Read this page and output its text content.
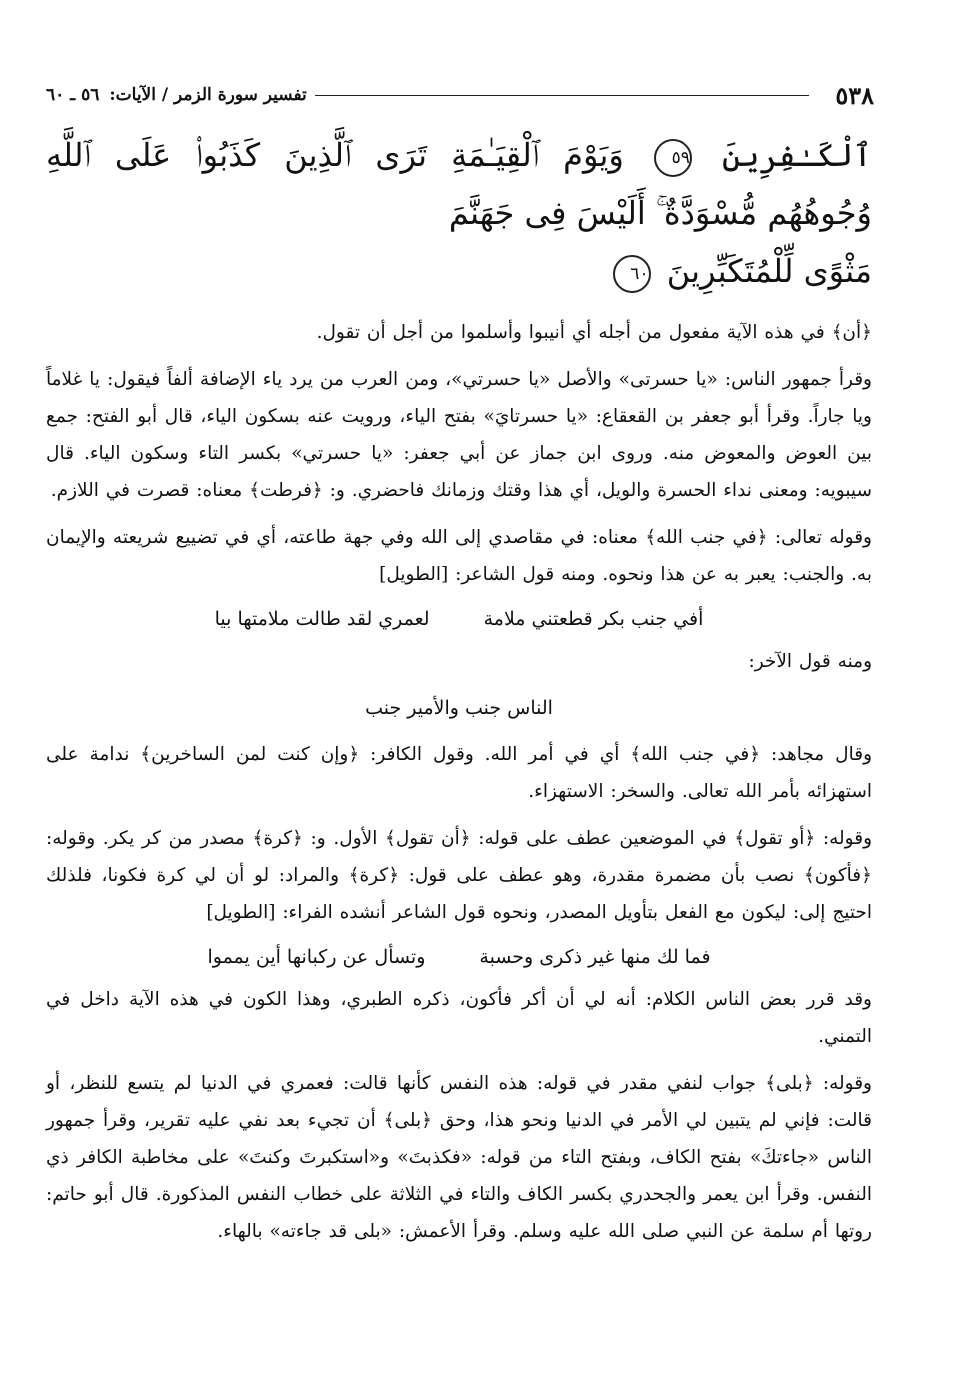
٥٣٨
تفسير سورة الزمر / الآيات:
٥٦ ـ ٦٠
ٱلْكَـٰفِرِينَ ٥٩ وَيَوْمَ ٱلْقِيَـٰمَةِ تَرَى ٱلَّذِينَ كَذَبُوا۟ عَلَى ٱللَّهِ وُجُوهُهُم مُّسْوَدَّةٌ ۚ أَلَيْسَ فِى جَهَنَّمَ
مَثْوًى لِّلْمُتَكَبِّرِينَ ٦٠

﴿أن﴾ في هذه الآية مفعول من أجله أي أنيبوا وأسلموا من أجل أن تقول.

وقرأ جمهور الناس: «يا حسرتى» والأصل «يا حسرتي»، ومن العرب من يرد ياء الإضافة ألفاً فيقول: يا غلاماً ويا جاراً. وقرأ أبو جعفر بن القعقاع: «يا حسرتايَ» بفتح الياء، ورويت عنه بسكون الياء، قال أبو الفتح: جمع بين العوض والمعوض منه. وروى ابن جماز عن أبي جعفر: «يا حسرتي» بكسر التاء وسكون الياء. قال سيبويه: ومعنى نداء الحسرة والويل، أي هذا وقتك وزمانك فاحضري. و: ﴿فرطت﴾ معناه: قصرت في اللازم.

وقوله تعالى: ﴿في جنب الله﴾ معناه: في مقاصدي إلى الله وفي جهة طاعته، أي في تضييع شريعته والإيمان به. والجنب: يعبر به عن هذا ونحوه. ومنه قول الشاعر: [الطويل]

أفي جنب بكر قطعتني ملامة
لعمري لقد طالت ملامتها بيا

ومنه قول الآخر:

الناس جنب والأمير جنب

وقال مجاهد: ﴿في جنب الله﴾ أي في أمر الله. وقول الكافر: ﴿وإن كنت لمن الساخرين﴾ ندامة على استهزائه بأمر الله تعالى. والسخر: الاستهزاء.

وقوله: ﴿أو تقول﴾ في الموضعين عطف على قوله: ﴿أن تقول﴾ الأول. و: ﴿كرة﴾ مصدر من كر يكر. وقوله: ﴿فأكون﴾ نصب بأن مضمرة مقدرة، وهو عطف على قول: ﴿كرة﴾ والمراد: لو أن لي كرة فكونا، فلذلك احتيج إلى: ليكون مع الفعل بتأويل المصدر، ونحوه قول الشاعر أنشده الفراء: [الطويل]

فما لك منها غير ذكرى وحسبة
وتسأل عن ركبانها أين يمموا

وقد قرر بعض الناس الكلام: أنه لي أن أكر فأكون، ذكره الطبري، وهذا الكون في هذه الآية داخل في التمني.

وقوله: ﴿بلى﴾ جواب لنفي مقدر في قوله: هذه النفس كأنها قالت: فعمري في الدنيا لم يتسع للنظر، أو قالت: فإني لم يتبين لي الأمر في الدنيا ونحو هذا، وحق ﴿بلى﴾ أن تجيء بعد نفي عليه تقرير، وقرأ جمهور الناس «جاءتكَ» بفتح الكاف، وبفتح التاء من قوله: «فكذبتَ» و«استكبرتَ وكنتَ» على مخاطبة الكافر ذي النفس. وقرأ ابن يعمر والجحدري بكسر الكاف والتاء في الثلاثة على خطاب النفس المذكورة. قال أبو حاتم: روتها أم سلمة عن النبي صلى الله عليه وسلم. وقرأ الأعمش: «بلى قد جاءته» بالهاء.
